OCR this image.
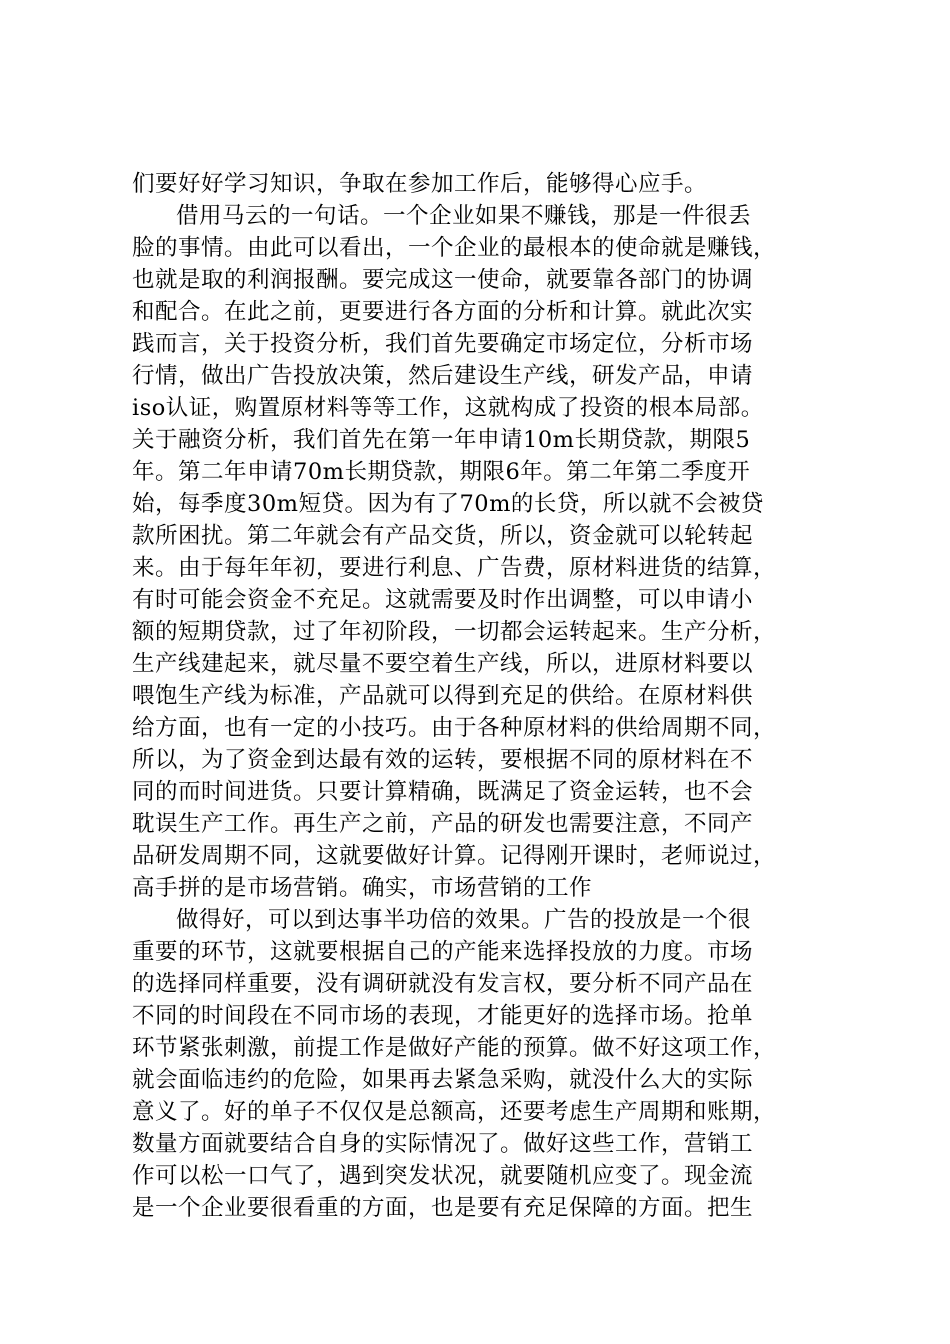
们要好好学习知识，争取在参加工作后，能够得心应手。
借用马云的一句话。一个企业如果不赚钱，那是一件很丢
脸的事情。由此可以看出，一个企业的最根本的使命就是赚钱，
也就是取的利润报酬。要完成这一使命，就要靠各部门的协调
和配合。在此之前，更要进行各方面的分析和计算。就此次实
践而言，关于投资分析，我们首先要确定市场定位，分析市场
行情，做出广告投放决策，然后建设生产线，研发产品，申请
iso认证，购置原材料等等工作，这就构成了投资的根本局部。
关于融资分析，我们首先在第一年申请10m长期贷款，期限5
年。第二年申请70m长期贷款，期限6年。第二年第二季度开
始，每季度30m短贷。因为有了70m的长贷，所以就不会被贷
款所困扰。第二年就会有产品交货，所以，资金就可以轮转起
来。由于每年年初，要进行利息、广告费，原材料进货的结算，
有时可能会资金不充足。这就需要及时作出调整，可以申请小
额的短期贷款，过了年初阶段，一切都会运转起来。生产分析，
生产线建起来，就尽量不要空着生产线，所以，进原材料要以
喂饱生产线为标准，产品就可以得到充足的供给。在原材料供
给方面，也有一定的小技巧。由于各种原材料的供给周期不同，
所以，为了资金到达最有效的运转，要根据不同的原材料在不
同的而时间进货。只要计算精确，既满足了资金运转，也不会
耽误生产工作。再生产之前，产品的研发也需要注意，不同产
品研发周期不同，这就要做好计算。记得刚开课时，老师说过，
高手拼的是市场营销。确实，市场营销的工作
做得好，可以到达事半功倍的效果。广告的投放是一个很
重要的环节，这就要根据自己的产能来选择投放的力度。市场
的选择同样重要，没有调研就没有发言权，要分析不同产品在
不同的时间段在不同市场的表现，才能更好的选择市场。抢单
环节紧张刺激，前提工作是做好产能的预算。做不好这项工作，
就会面临违约的危险，如果再去紧急采购，就没什么大的实际
意义了。好的单子不仅仅是总额高，还要考虑生产周期和账期，
数量方面就要结合自身的实际情况了。做好这些工作，营销工
作可以松一口气了，遇到突发状况，就要随机应变了。现金流
是一个企业要很看重的方面，也是要有充足保障的方面。把生
